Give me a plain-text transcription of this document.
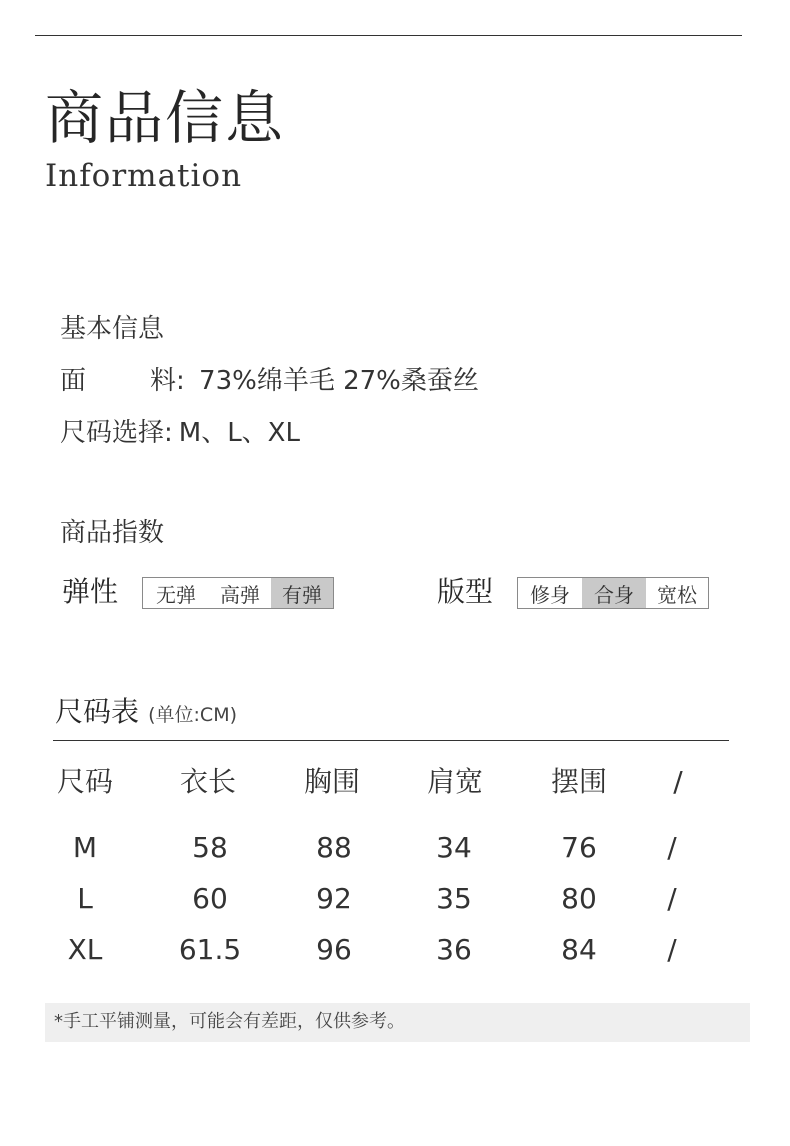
商品信息
Information
基本信息
面 料: 73%绵羊毛 27%桑蚕丝
尺码选择: M、L、XL
商品指数
弹性	无弹	高弹	有弹	版型	修身	合身	宽松
尺码表 (单位:CM)
尺码	衣长	胸围	肩宽	摆围	/
M	58	88	34	76	/
L	60	92	35	80	/
XL	61.5	96	36	84	/
*手工平铺测量，可能会有差距，仅供参考。
